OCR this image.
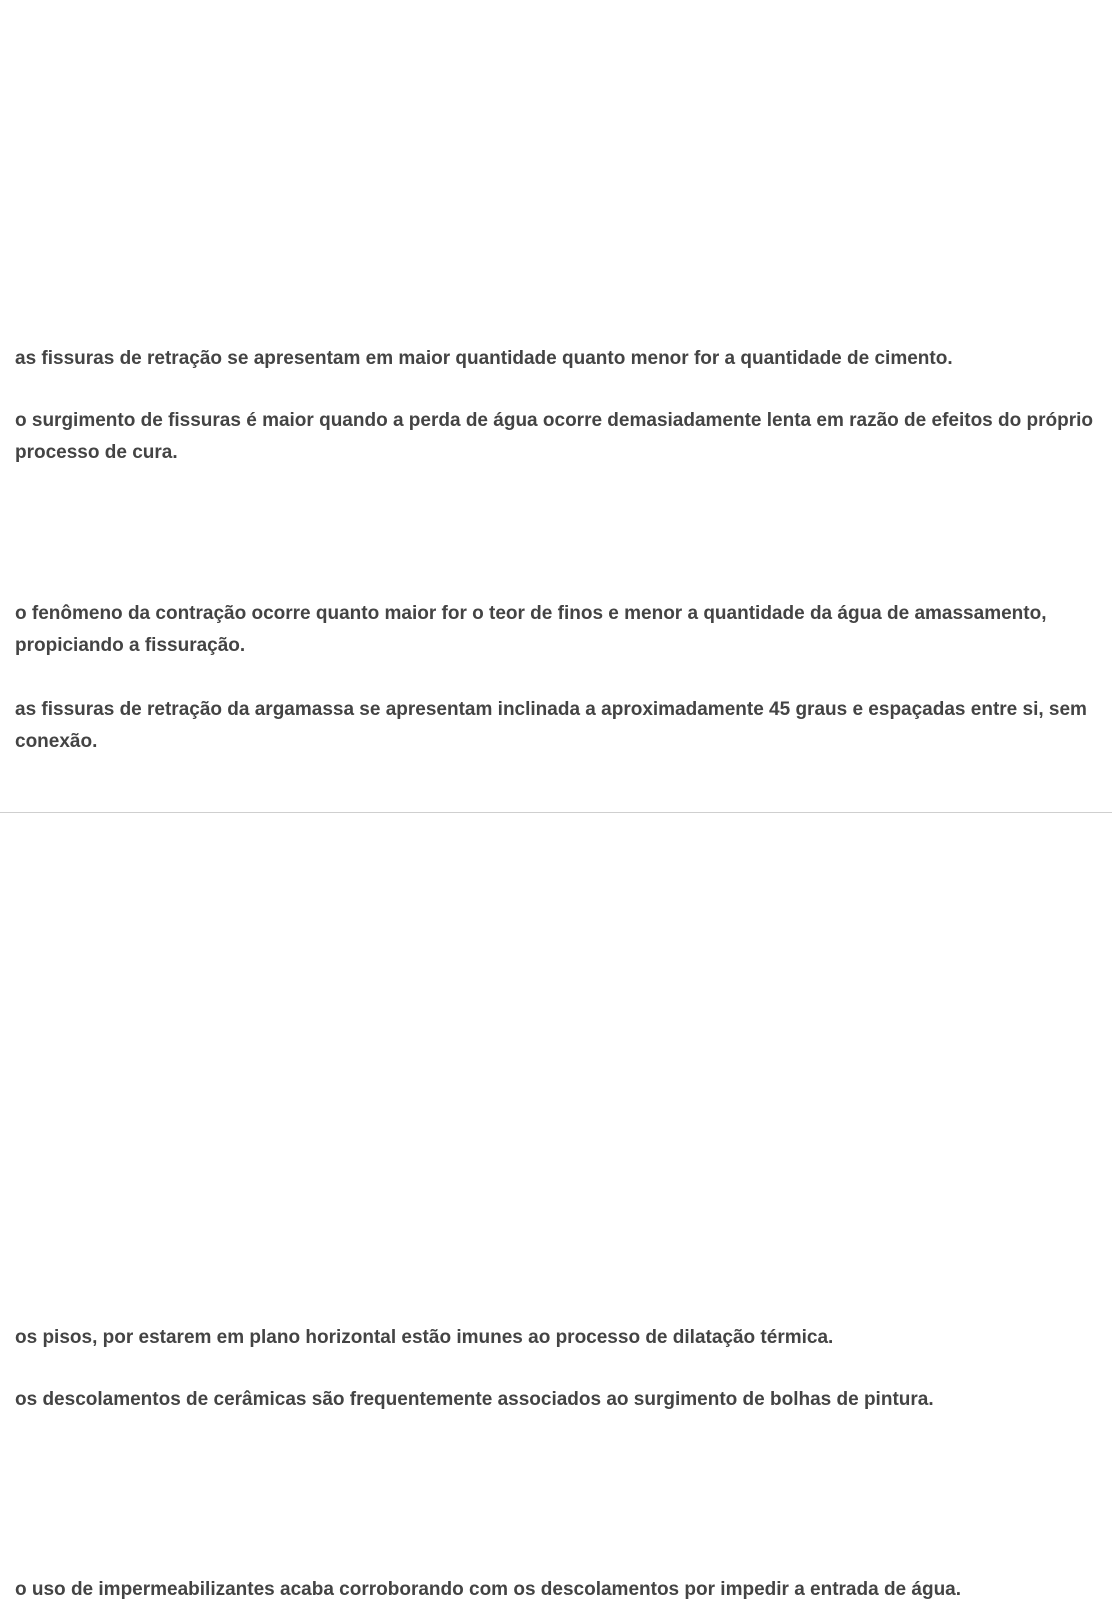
as fissuras de retração se apresentam em maior quantidade quanto menor for a quantidade de cimento.

o surgimento de fissuras é maior quando a perda de água ocorre demasiadamente lenta em razão de efeitos do próprio processo de cura.

o fenômeno da contração ocorre quanto maior for o teor de finos e menor a quantidade da água de amassamento, propiciando a fissuração.

as fissuras de retração da argamassa se apresentam inclinada a aproximadamente 45 graus e espaçadas entre si, sem conexão.

os pisos, por estarem em plano horizontal estão imunes ao processo de dilatação térmica.

os descolamentos de cerâmicas são frequentemente associados ao surgimento de bolhas de pintura.

o uso de impermeabilizantes acaba corroborando com os descolamentos por impedir a entrada de água.
